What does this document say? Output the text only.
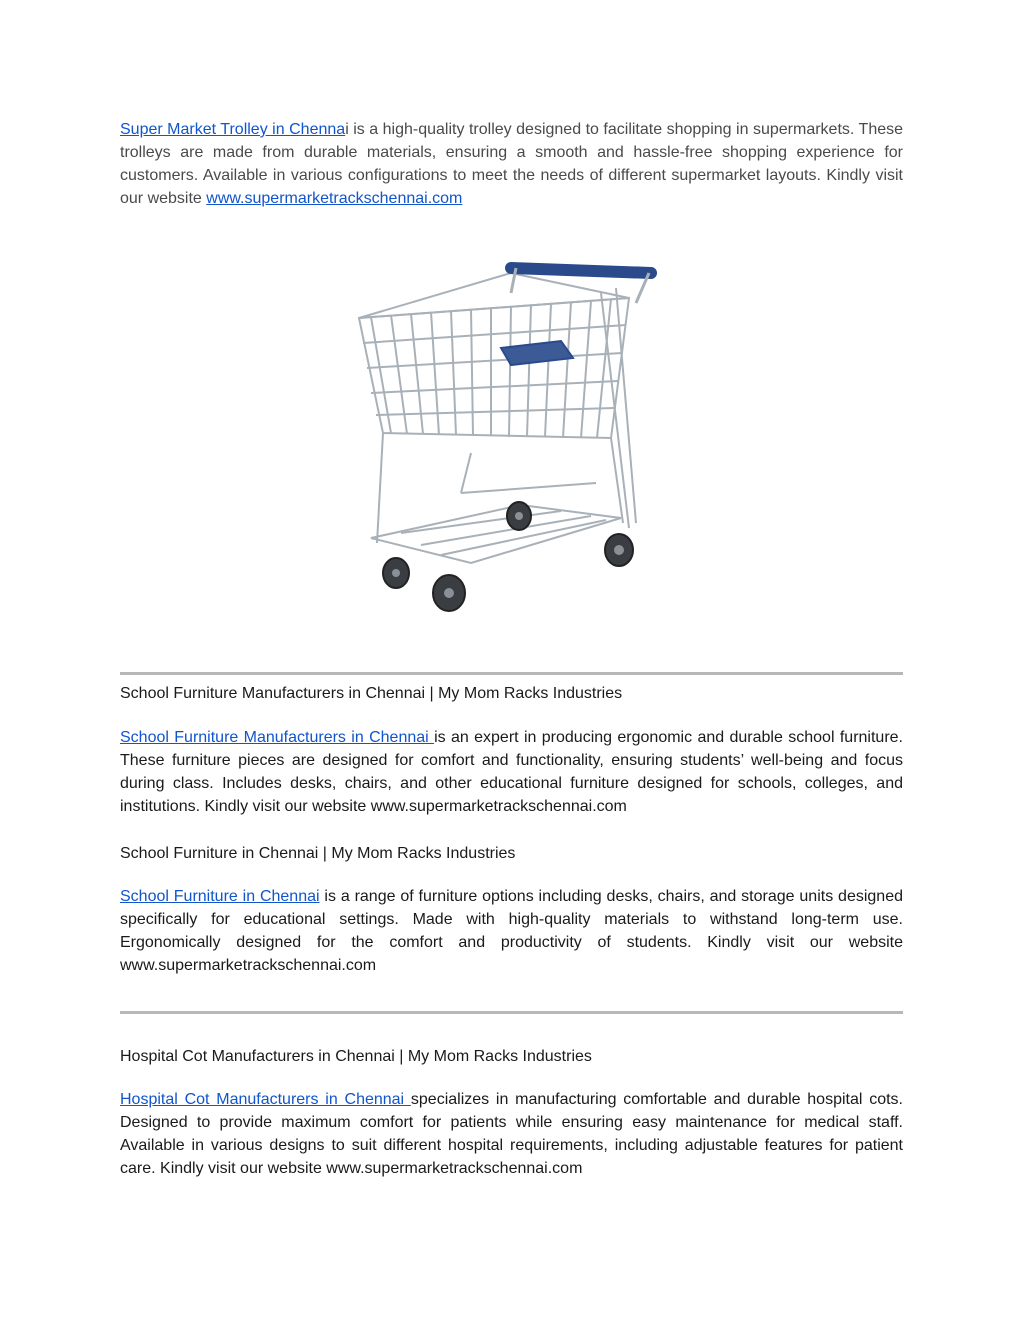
Super Market Trolley in Chennai is a high-quality trolley designed to facilitate shopping in supermarkets. These trolleys are made from durable materials, ensuring a smooth and hassle-free shopping experience for customers. Available in various configurations to meet the needs of different supermarket layouts. Kindly visit our website www.supermarketrackschennai.com

School Furniture Manufacturers in Chennai | My Mom Racks Industries

School Furniture Manufacturers in Chennai is an expert in producing ergonomic and durable school furniture. These furniture pieces are designed for comfort and functionality, ensuring students’ well-being and focus during class. Includes desks, chairs, and other educational furniture designed for schools, colleges, and institutions. Kindly visit our website www.supermarketrackschennai.com

School Furniture in Chennai | My Mom Racks Industries

School Furniture in Chennai is a range of furniture options including desks, chairs, and storage units designed specifically for educational settings. Made with high-quality materials to withstand long-term use. Ergonomically designed for the comfort and productivity of students. Kindly visit our website www.supermarketrackschennai.com

Hospital Cot Manufacturers in Chennai | My Mom Racks Industries

Hospital Cot Manufacturers in Chennai specializes in manufacturing comfortable and durable hospital cots. Designed to provide maximum comfort for patients while ensuring easy maintenance for medical staff. Available in various designs to suit different hospital requirements, including adjustable features for patient care. Kindly visit our website www.supermarketrackschennai.com
